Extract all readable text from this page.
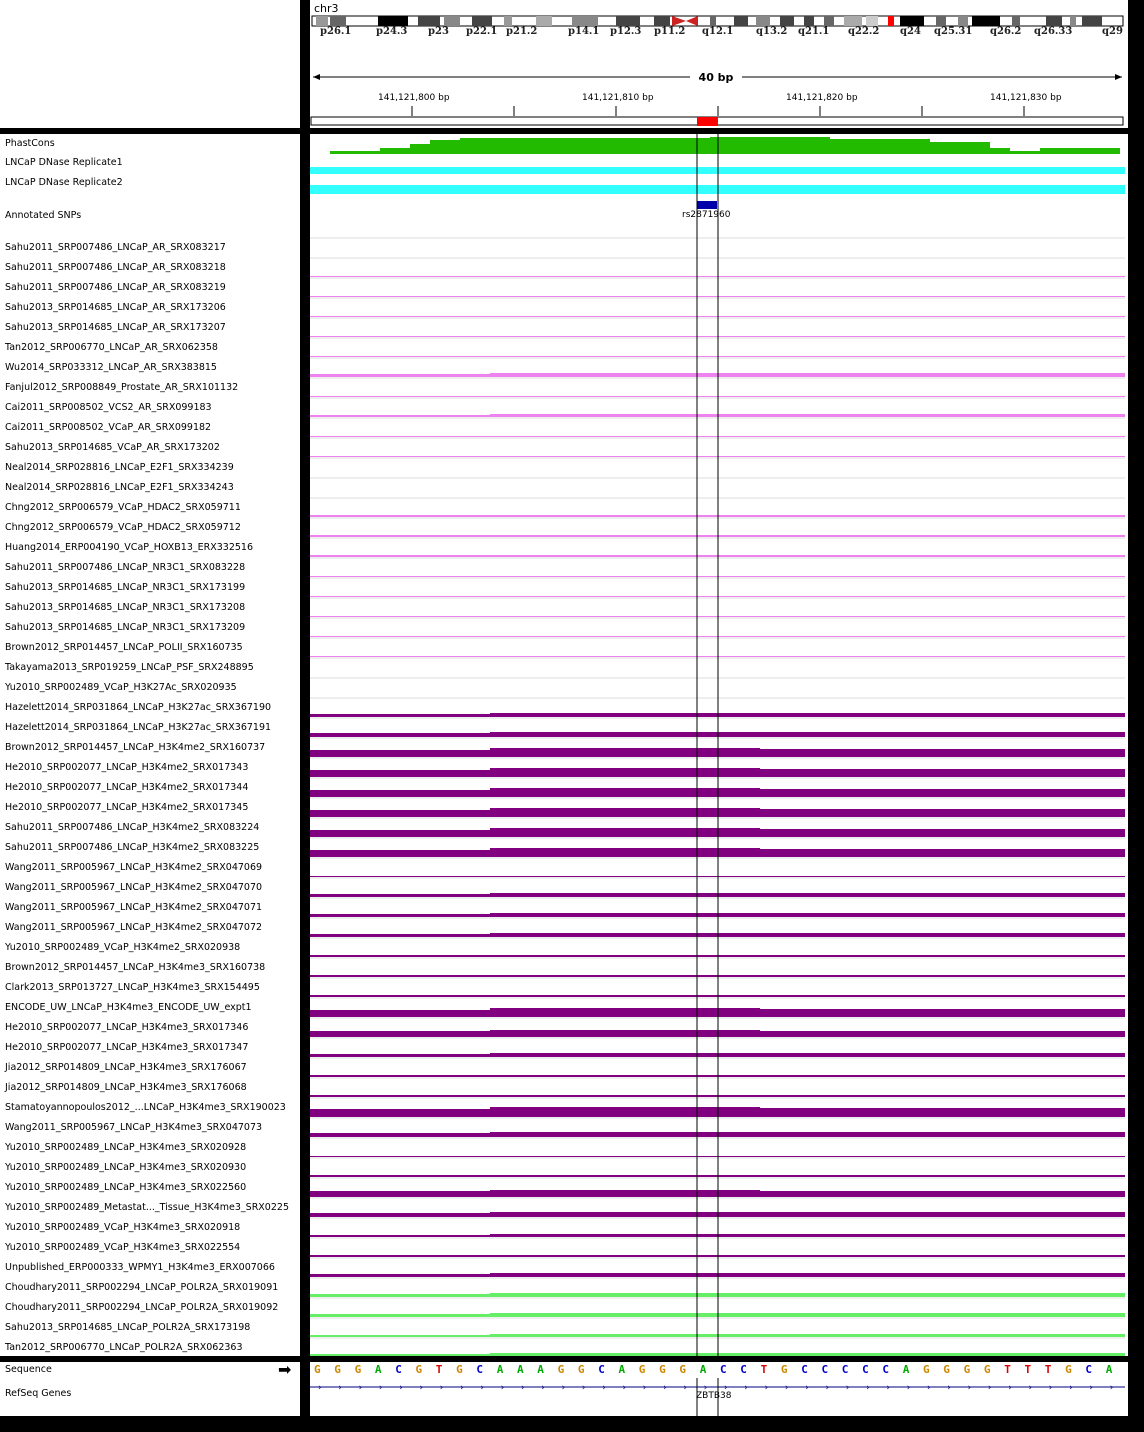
chr3
p26.1 p24.3 p23 p22.1 p21.2	p14.1 p12.3 p11.2 q12.1 q13.2 q21.1 q22.2 q24 q25.31 q26.2 q26.33	q29
40 bp
141,121,800 bp	141,121,810 bp	141,121,820 bp	141,121,830 bp
PhastCons
LNCaP DNase Replicate1
LNCaP DNase Replicate2
Annotated SNPs
Sahu2011_SRP007486_LNCaP_AR_SRX083217
Sahu2011_SRP007486_LNCaP_AR_SRX083218
Sahu2011_SRP007486_LNCaP_AR_SRX083219
Sahu2013_SRP014685_LNCaP_AR_SRX173206
Sahu2013_SRP014685_LNCaP_AR_SRX173207
Tan2012_SRP006770_LNCaP_AR_SRX062358
Wu2014_SRP033312_LNCaP_AR_SRX383815
Fanjul2012_SRP008849_Prostate_AR_SRX101132
Cai2011_SRP008502_VCS2_AR_SRX099183
Cai2011_SRP008502_VCaP_AR_SRX099182
Sahu2013_SRP014685_VCaP_AR_SRX173202
Neal2014_SRP028816_LNCaP_E2F1_SRX334239
Neal2014_SRP028816_LNCaP_E2F1_SRX334243
Chng2012_SRP006579_VCaP_HDAC2_SRX059711
Chng2012_SRP006579_VCaP_HDAC2_SRX059712
Huang2014_ERP004190_VCaP_HOXB13_ERX332516
Sahu2011_SRP007486_LNCaP_NR3C1_SRX083228
Sahu2013_SRP014685_LNCaP_NR3C1_SRX173199
Sahu2013_SRP014685_LNCaP_NR3C1_SRX173208
Sahu2013_SRP014685_LNCaP_NR3C1_SRX173209
Brown2012_SRP014457_LNCaP_POLII_SRX160735
Takayama2013_SRP019259_LNCaP_PSF_SRX248895
Yu2010_SRP002489_VCaP_H3K27Ac_SRX020935
Hazelett2014_SRP031864_LNCaP_H3K27ac_SRX367190
Hazelett2014_SRP031864_LNCaP_H3K27ac_SRX367191
Brown2012_SRP014457_LNCaP_H3K4me2_SRX160737
He2010_SRP002077_LNCaP_H3K4me2_SRX017343
He2010_SRP002077_LNCaP_H3K4me2_SRX017344
He2010_SRP002077_LNCaP_H3K4me2_SRX017345
Sahu2011_SRP007486_LNCaP_H3K4me2_SRX083224
Sahu2011_SRP007486_LNCaP_H3K4me2_SRX083225
Wang2011_SRP005967_LNCaP_H3K4me2_SRX047069
Wang2011_SRP005967_LNCaP_H3K4me2_SRX047070
Wang2011_SRP005967_LNCaP_H3K4me2_SRX047071
Wang2011_SRP005967_LNCaP_H3K4me2_SRX047072
Yu2010_SRP002489_VCaP_H3K4me2_SRX020938
Brown2012_SRP014457_LNCaP_H3K4me3_SRX160738
Clark2013_SRP013727_LNCaP_H3K4me3_SRX154495
ENCODE_UW_LNCaP_H3K4me3_ENCODE_UW_expt1
He2010_SRP002077_LNCaP_H3K4me3_SRX017346
He2010_SRP002077_LNCaP_H3K4me3_SRX017347
Jia2012_SRP014809_LNCaP_H3K4me3_SRX176067
Jia2012_SRP014809_LNCaP_H3K4me3_SRX176068
Stamatoyannopoulos2012_...LNCaP_H3K4me3_SRX190023
Wang2011_SRP005967_LNCaP_H3K4me3_SRX047073
Yu2010_SRP002489_LNCaP_H3K4me3_SRX020928
Yu2010_SRP002489_LNCaP_H3K4me3_SRX020930
Yu2010_SRP002489_LNCaP_H3K4me3_SRX022560
Yu2010_SRP002489_Metastat..._Tissue_H3K4me3_SRX0225
Yu2010_SRP002489_VCaP_H3K4me3_SRX020918
Yu2010_SRP002489_VCaP_H3K4me3_SRX022554
Unpublished_ERP000333_WPMY1_H3K4me3_ERX007066
Choudhary2011_SRP002294_LNCaP_POLR2A_SRX019091
Choudhary2011_SRP002294_LNCaP_POLR2A_SRX019092
Sahu2013_SRP014685_LNCaP_POLR2A_SRX173198
Tan2012_SRP006770_LNCaP_POLR2A_SRX062363
rs2871960
Sequence	➡
RefSeq Genes
G G G A C G T G C A A A G G C A G G G A C C T G C C C C C A G G G G T T T G C A
› › › › › › › › › › › › › › › › › › › › › › › › › › › › › › › › › › › › › › › ›
ZBTB38
